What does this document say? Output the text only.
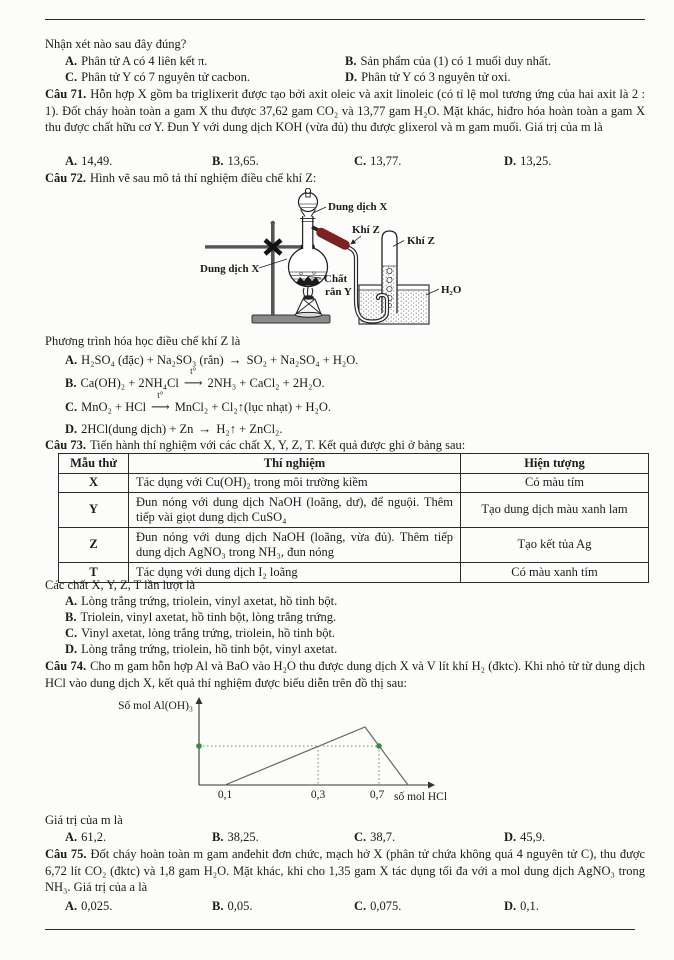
Nhận xét nào sau đây đúng?
A. Phân tử A có 4 liên kết π.	B. Sản phẩm của (1) có 1 muối duy nhất.
C. Phân tử Y có 7 nguyên tử cacbon.	D. Phân tử Y có 3 nguyên tử oxi.
Câu 71. Hỗn hợp X gồm ba triglixerit được tạo bởi axit oleic và axit linoleic (có tỉ lệ mol tương ứng của hai axit là 2 : 1). Đốt cháy hoàn toàn a gam X thu được 37,62 gam CO₂ và 13,77 gam H₂O. Mặt khác, hiđro hóa hoàn toàn a gam X thu được chất hữu cơ Y. Đun Y với dung dịch KOH (vừa đủ) thu được glixerol và m gam muối. Giá trị của m là
A. 14,49.	B. 13,65.	C. 13,77.	D. 13,25.
Câu 72. Hình vẽ sau mô tả thí nghiệm điều chế khí Z:
Dung dịch X
Khí Z
Khí Z
Dung dịch X
Chất
rắn Y	H₂O
Phương trình hóa học điều chế khí Z là
A. H₂SO₄ (đặc) + Na₂SO₃ (rắn) → SO₂ + Na₂SO₄ + H₂O.
B. Ca(OH)₂ + 2NH₄Cl
t°
⟶ 2NH₃ + CaCl₂ + 2H₂O.
C. MnO₂ + HCl
t°
⟶ MnCl₂ + Cl₂↑(lục nhạt) + H₂O.
D. 2HCl(dung dịch) + Zn → H₂↑ + ZnCl₂.
Câu 73. Tiến hành thí nghiệm với các chất X, Y, Z, T. Kết quả được ghi ở bảng sau:
Mẫu thử	Thí nghiệm	Hiện tượng
X	Tác dụng với Cu(OH)₂ trong môi trường kiềm	Có màu tím
Y	Đun nóng với dung dịch NaOH (loãng, dư), để nguội. Thêm tiếp vài giọt dung dịch CuSO₄	Tạo dung dịch màu xanh lam
Z	Đun nóng với dung dịch NaOH (loãng, vừa đủ). Thêm tiếp dung dịch AgNO₃ trong NH₃, đun nóng	Tạo kết tủa Ag
T	Tác dụng với dung dịch I₂ loãng	Có màu xanh tím
Các chất X, Y, Z, T lần lượt là
A. Lòng trắng trứng, triolein, vinyl axetat, hồ tinh bột.
B. Triolein, vinyl axetat, hồ tinh bột, lòng trắng trứng.
C. Vinyl axetat, lòng trắng trứng, triolein, hồ tinh bột.
D. Lòng trắng trứng, triolein, hồ tinh bột, vinyl axetat.
Câu 74. Cho m gam hỗn hợp Al và BaO vào H₂O thu được dung dịch X và V lít khí H₂ (đktc). Khi nhỏ từ từ dung dịch HCl vào dung dịch X, kết quả thí nghiệm được biểu diễn trên đồ thị sau:
Số mol Al(OH)₃
0,1	0,3	0,7 số mol HCl
Giá trị của m là
A. 61,2.	B. 38,25.	C. 38,7.	D. 45,9.
Câu 75. Đốt cháy hoàn toàn m gam anđehit đơn chức, mạch hở X (phân tử chứa không quá 4 nguyên tử C), thu được 6,72 lít CO₂ (đktc) và 1,8 gam H₂O. Mặt khác, khi cho 1,35 gam X tác dụng tối đa với a mol dung dịch AgNO₃ trong NH₃. Giá trị của a là
A. 0,025.	B. 0,05.	C. 0,075.	D. 0,1.
